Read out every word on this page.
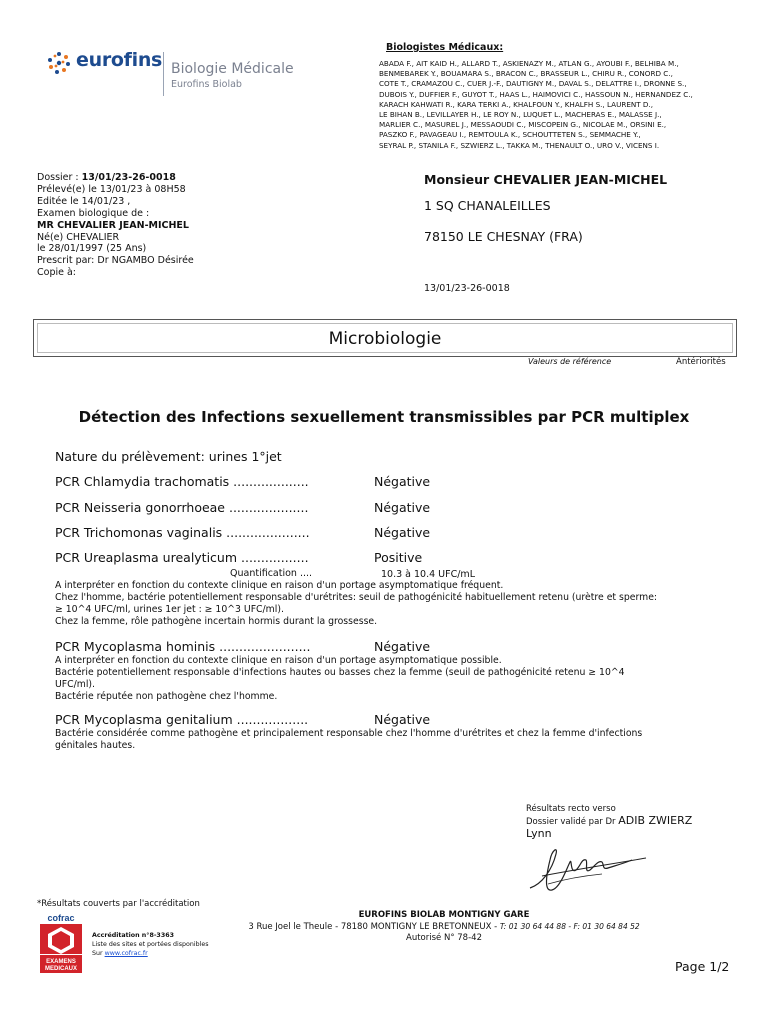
eurofins Biologie Médicale
Eurofins Biolab
Biologistes Médicaux:
ABADA F., AIT KAID H., ALLARD T., ASKIENAZY M., ATLAN G., AYOUBI F., BELHIBA M.,
BENMEBAREK Y., BOUAMARA S., BRACON C., BRASSEUR L., CHIRU R., CONORD C.,
COTE T., CRAMAZOU C., CUER J.-F., DAUTIGNY M., DAVAL S., DELATTRE I., DRONNE S.,
DUBOIS Y., DUFFIER F., GUYOT T., HAAS L., HAIMOVICI C., HASSOUN N., HERNANDEZ C.,
KARACH KAHWATI R., KARA TERKI A., KHALFOUN Y., KHALFH S., LAURENT D.,
LE BIHAN B., LEVILLAYER H., LE ROY N., LUQUET L., MACHERAS E., MALASSE J.,
MARLIER C., MASUREL J., MESSAOUDI C., MISCOPEIN G., NICOLAE M., ORSINI E.,
PASZKO F., PAVAGEAU I., REMTOULA K., SCHOUTTETEN S., SEMMACHE Y.,
SEYRAL P., STANILA F., SZWIERZ L., TAKKA M., THENAULT O., URO V., VICENS I.
Dossier : 13/01/23-26-0018
Prélevé(e) le 13/01/23 à 08H58
Editée le 14/01/23 ,
Examen biologique de :
MR CHEVALIER JEAN-MICHEL
Né(e) CHEVALIER
le 28/01/1997 (25 Ans)
Prescrit par: Dr NGAMBO Désirée
Copie à:
Monsieur CHEVALIER JEAN-MICHEL
1 SQ CHANALEILLES
78150 LE CHESNAY (FRA)
13/01/23-26-0018
Microbiologie
Valeurs de référence	Antériorités
Détection des Infections sexuellement transmissibles par PCR multiplex
Nature du prélèvement: urines 1°jet
PCR Chlamydia trachomatis ...................	Négative
PCR Neisseria gonorrhoeae ....................	Négative
PCR Trichomonas vaginalis .....................	Négative
PCR Ureaplasma urealyticum .................	Positive
Quantification ....	10.3 à 10.4 UFC/mL
A interpréter en fonction du contexte clinique en raison d'un portage asymptomatique fréquent.
Chez l'homme, bactérie potentiellement responsable d'urétrites: seuil de pathogénicité habituellement retenu (urètre et sperme:
≥ 10^4 UFC/ml, urines 1er jet : ≥ 10^3 UFC/ml).
Chez la femme, rôle pathogène incertain hormis durant la grossesse.
PCR Mycoplasma hominis .......................	Négative
A interpréter en fonction du contexte clinique en raison d'un portage asymptomatique possible.
Bactérie potentiellement responsable d'infections hautes ou basses chez la femme (seuil de pathogénicité retenu ≥ 10^4
UFC/ml).
Bactérie réputée non pathogène chez l'homme.
PCR Mycoplasma genitalium ..................	Négative
Bactérie considérée comme pathogène et principalement responsable chez l'homme d'urétrites et chez la femme d'infections
génitales hautes.
Résultats recto verso
Dossier validé par Dr ADIB ZWIERZ
Lynn
*Résultats couverts par l'accréditation
cofrac
EXAMENS
MEDICAUX
Accréditation n°8-3363
Liste des sites et portées disponibles
Sur www.cofrac.fr
EUROFINS BIOLAB MONTIGNY GARE
3 Rue Joel le Theule - 78180 MONTIGNY LE BRETONNEUX - T: 01 30 64 44 88 - F: 01 30 64 84 52
Autorisé N° 78-42
Page 1/2
